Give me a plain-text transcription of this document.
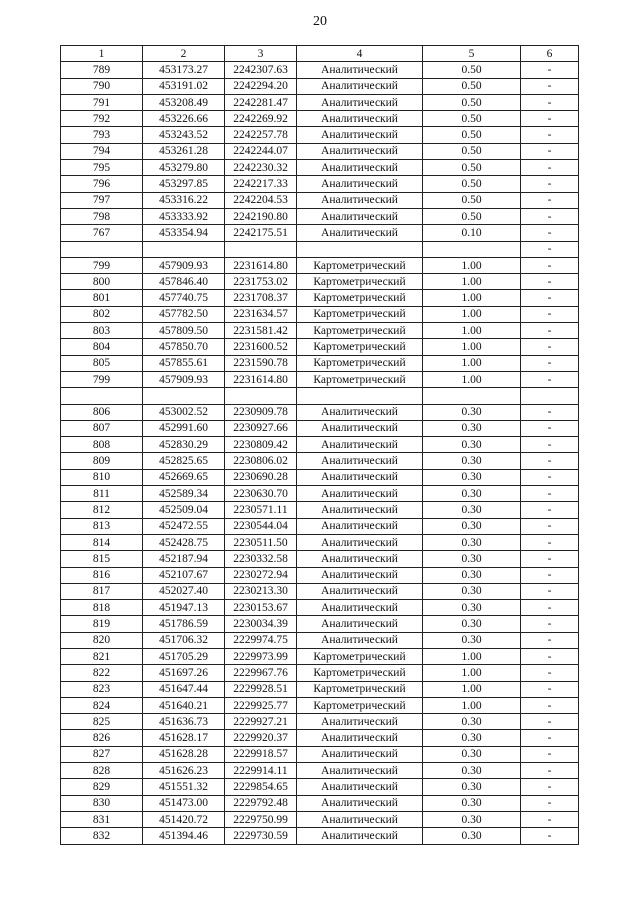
20
1	2	3	4	5	6
789	453173.27	2242307.63	Аналитический	0.50	-
790	453191.02	2242294.20	Аналитический	0.50	-
791	453208.49	2242281.47	Аналитический	0.50	-
792	453226.66	2242269.92	Аналитический	0.50	-
793	453243.52	2242257.78	Аналитический	0.50	-
794	453261.28	2242244.07	Аналитический	0.50	-
795	453279.80	2242230.32	Аналитический	0.50	-
796	453297.85	2242217.33	Аналитический	0.50	-
797	453316.22	2242204.53	Аналитический	0.50	-
798	453333.92	2242190.80	Аналитический	0.50	-
767	453354.94	2242175.51	Аналитический	0.10	-
					-
799	457909.93	2231614.80	Картометрический	1.00	-
800	457846.40	2231753.02	Картометрический	1.00	-
801	457740.75	2231708.37	Картометрический	1.00	-
802	457782.50	2231634.57	Картометрический	1.00	-
803	457809.50	2231581.42	Картометрический	1.00	-
804	457850.70	2231600.52	Картометрический	1.00	-
805	457855.61	2231590.78	Картометрический	1.00	-
799	457909.93	2231614.80	Картометрический	1.00	-

806	453002.52	2230909.78	Аналитический	0.30	-
807	452991.60	2230927.66	Аналитический	0.30	-
808	452830.29	2230809.42	Аналитический	0.30	-
809	452825.65	2230806.02	Аналитический	0.30	-
810	452669.65	2230690.28	Аналитический	0.30	-
811	452589.34	2230630.70	Аналитический	0.30	-
812	452509.04	2230571.11	Аналитический	0.30	-
813	452472.55	2230544.04	Аналитический	0.30	-
814	452428.75	2230511.50	Аналитический	0.30	-
815	452187.94	2230332.58	Аналитический	0.30	-
816	452107.67	2230272.94	Аналитический	0.30	-
817	452027.40	2230213.30	Аналитический	0.30	-
818	451947.13	2230153.67	Аналитический	0.30	-
819	451786.59	2230034.39	Аналитический	0.30	-
820	451706.32	2229974.75	Аналитический	0.30	-
821	451705.29	2229973.99	Картометрический	1.00	-
822	451697.26	2229967.76	Картометрический	1.00	-
823	451647.44	2229928.51	Картометрический	1.00	-
824	451640.21	2229925.77	Картометрический	1.00	-
825	451636.73	2229927.21	Аналитический	0.30	-
826	451628.17	2229920.37	Аналитический	0.30	-
827	451628.28	2229918.57	Аналитический	0.30	-
828	451626.23	2229914.11	Аналитический	0.30	-
829	451551.32	2229854.65	Аналитический	0.30	-
830	451473.00	2229792.48	Аналитический	0.30	-
831	451420.72	2229750.99	Аналитический	0.30	-
832	451394.46	2229730.59	Аналитический	0.30	-
